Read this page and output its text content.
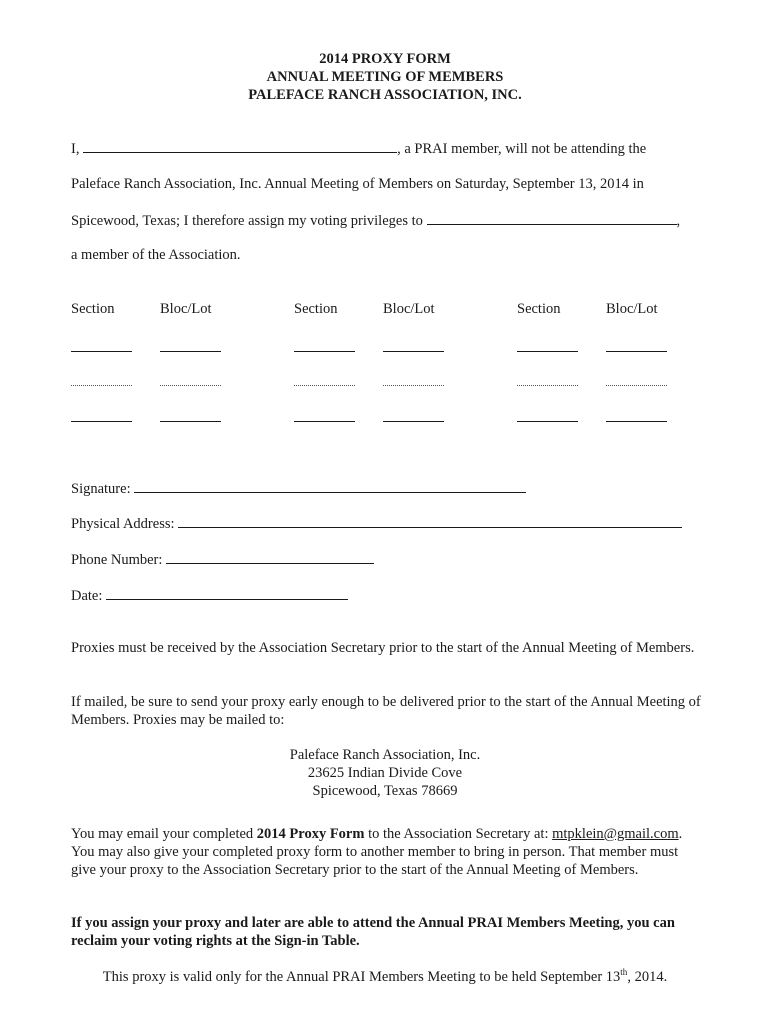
2014 PROXY FORM
ANNUAL MEETING OF MEMBERS
PALEFACE RANCH ASSOCIATION, INC.
I,	, a PRAI member, will not be attending the
Paleface Ranch Association, Inc. Annual Meeting of Members on Saturday, September 13, 2014 in
Spicewood, Texas; I therefore assign my voting privileges to	,
a member of the Association.
Section	Bloc/Lot	Section	Bloc/Lot	Section	Bloc/Lot
Signature:
Physical Address:
Phone Number:
Date:
Proxies must be received by the Association Secretary prior to the start of the Annual Meeting of Members.
If mailed, be sure to send your proxy early enough to be delivered prior to the start of the Annual Meeting of Members. Proxies may be mailed to:
Paleface Ranch Association, Inc.
23625 Indian Divide Cove
Spicewood, Texas 78669
You may email your completed 2014 Proxy Form to the Association Secretary at: mtpklein@gmail.com. You may also give your completed proxy form to another member to bring in person. That member must give your proxy to the Association Secretary prior to the start of the Annual Meeting of Members.
If you assign your proxy and later are able to attend the Annual PRAI Members Meeting, you can reclaim your voting rights at the Sign-in Table.
This proxy is valid only for the Annual PRAI Members Meeting to be held September 13th, 2014.
